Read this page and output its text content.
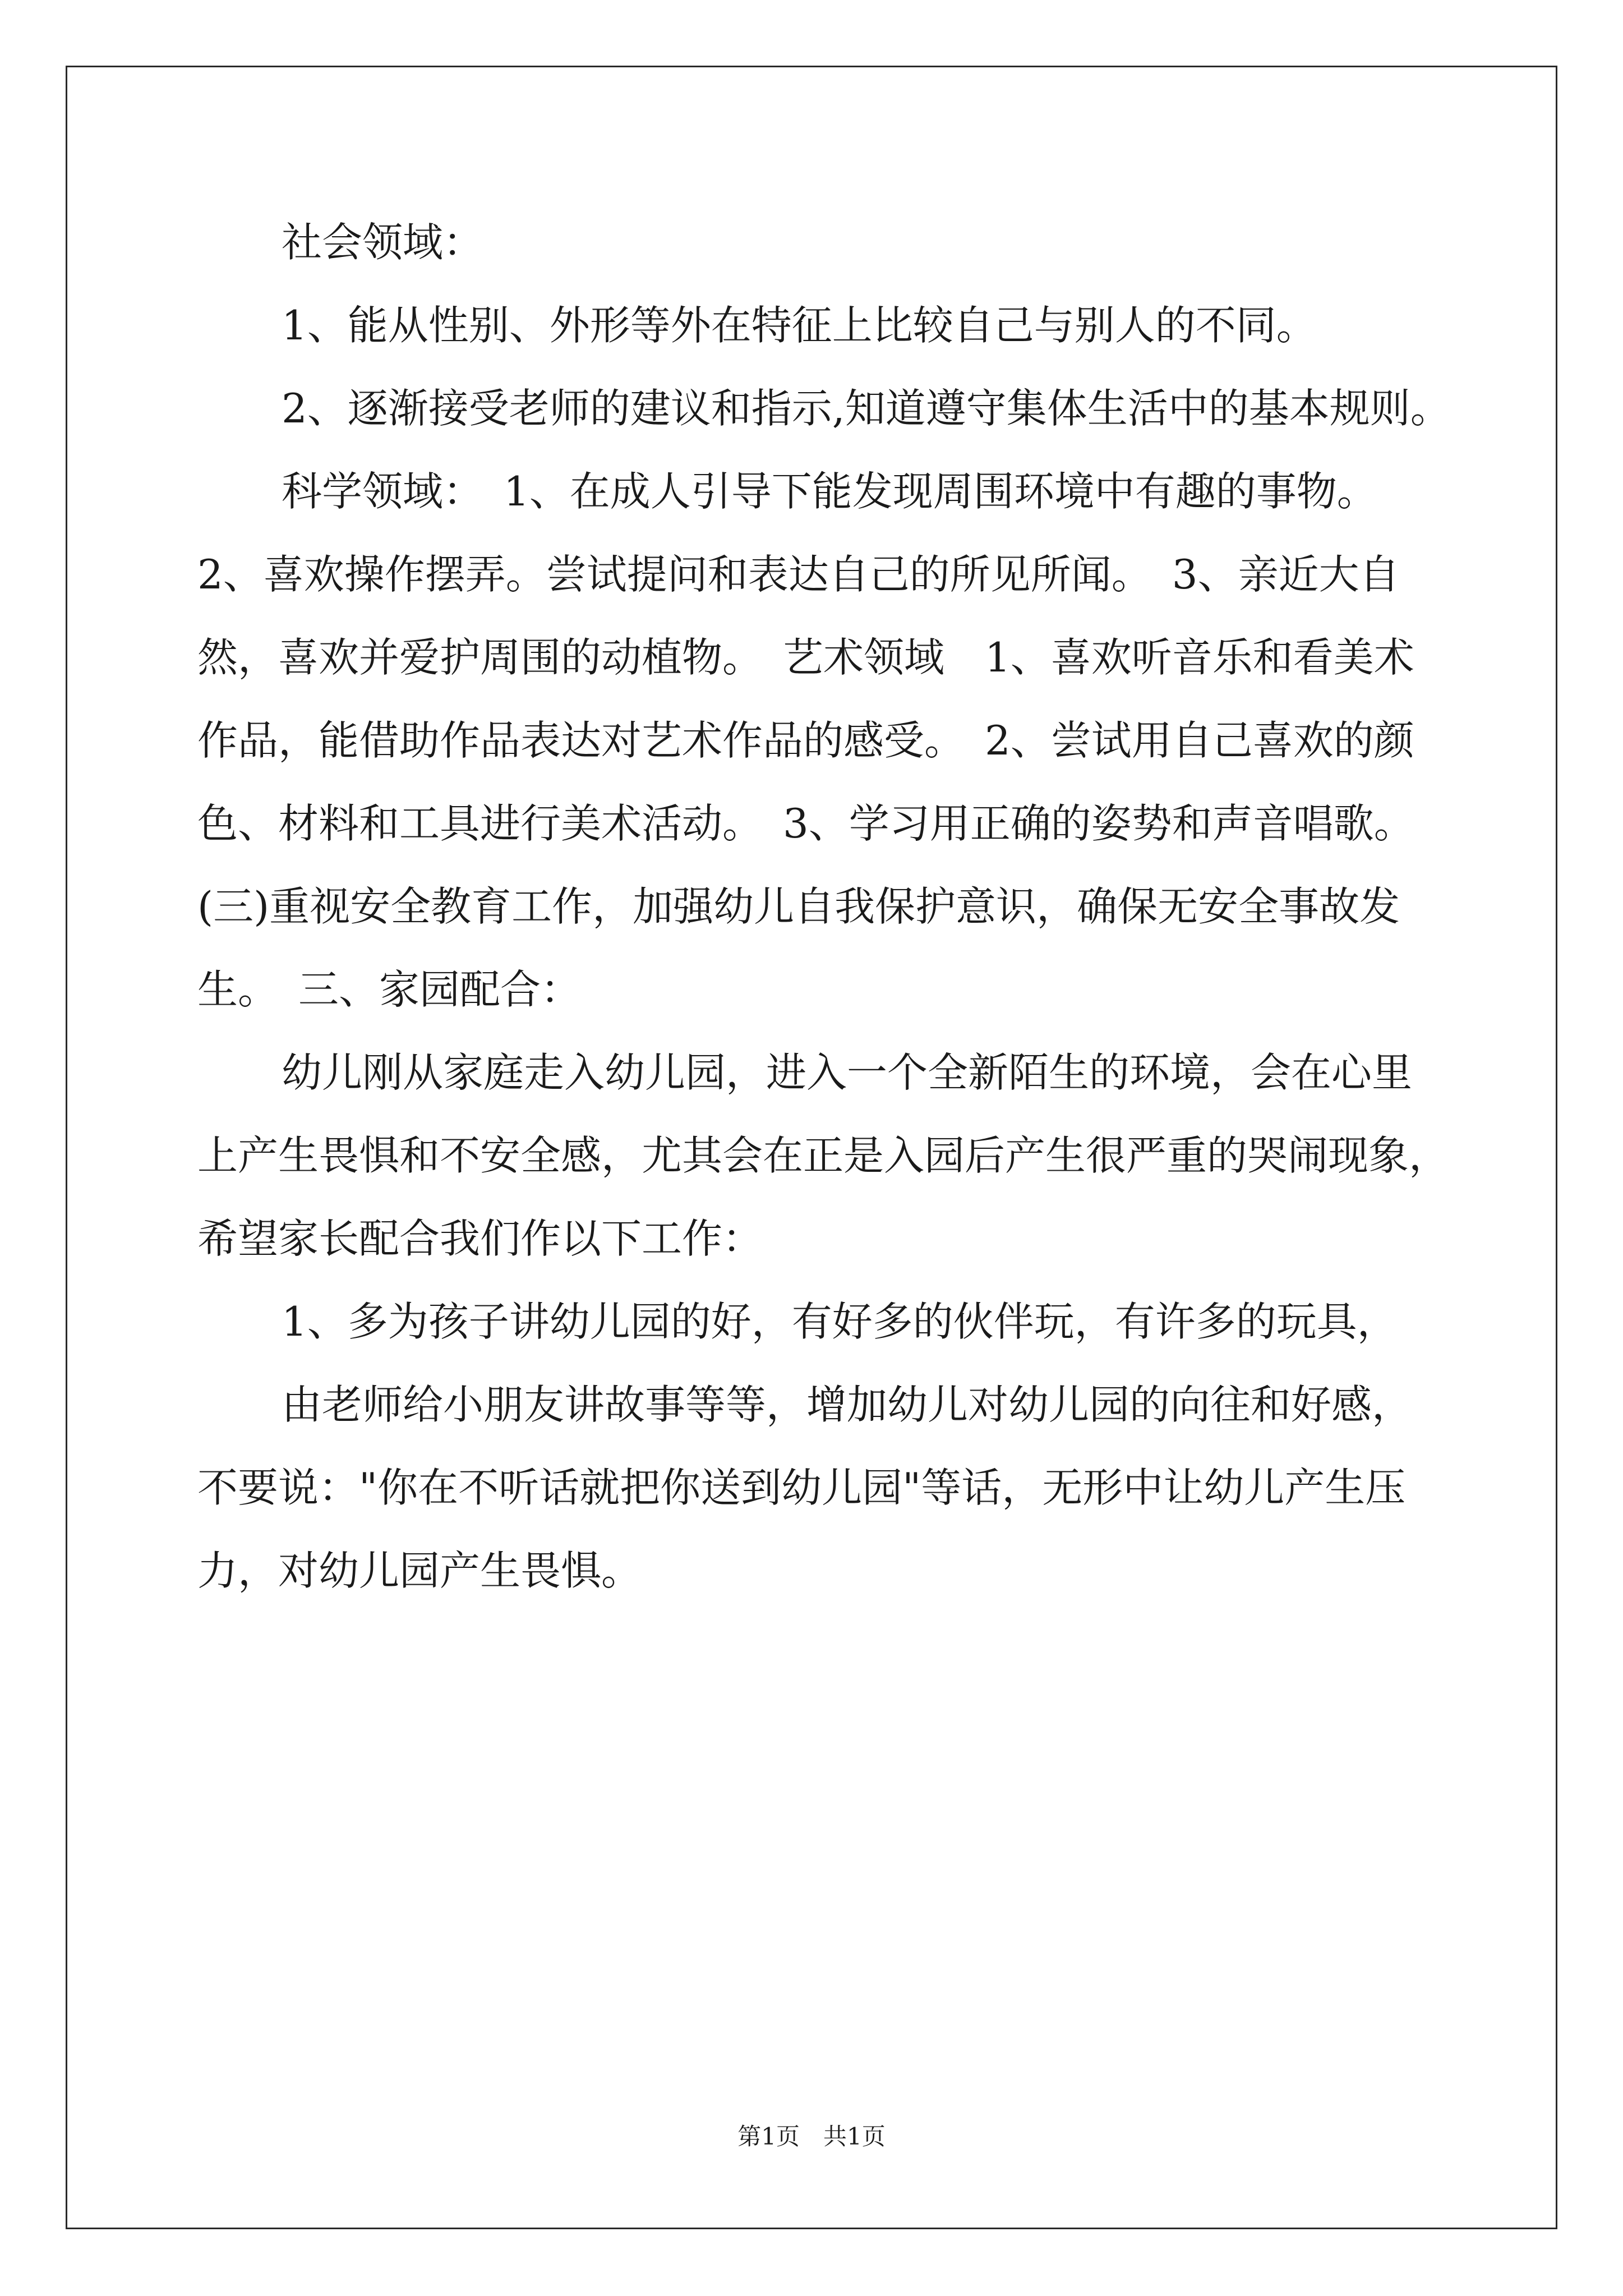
社会领域：
1、能从性别、外形等外在特征上比较自己与别人的不同。
2、逐渐接受老师的建议和指示,知道遵守集体生活中的基本规则。
科学领域：　1、在成人引导下能发现周围环境中有趣的事物。
2、喜欢操作摆弄。尝试提问和表达自己的所见所闻。　3、亲近大自
然，喜欢并爱护周围的动植物。　艺术领域　1、喜欢听音乐和看美术
作品，能借助作品表达对艺术作品的感受。　2、尝试用自己喜欢的颜
色、材料和工具进行美术活动。　3、学习用正确的姿势和声音唱歌。
(三)重视安全教育工作，加强幼儿自我保护意识，确保无安全事故发
生。　三、家园配合：
幼儿刚从家庭走入幼儿园，进入一个全新陌生的环境，会在心里
上产生畏惧和不安全感，尤其会在正是入园后产生很严重的哭闹现象，
希望家长配合我们作以下工作：
1、多为孩子讲幼儿园的好，有好多的伙伴玩，有许多的玩具，
由老师给小朋友讲故事等等，增加幼儿对幼儿园的向往和好感，
不要说："你在不听话就把你送到幼儿园"等话，无形中让幼儿产生压
力，对幼儿园产生畏惧。
第1页　共1页
